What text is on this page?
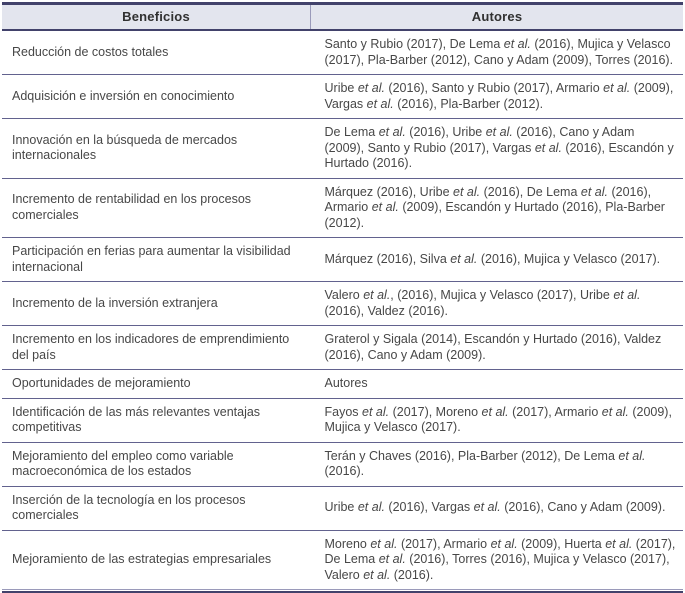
Beneficios	Autores
Reducción de costos totales	Santo y Rubio (2017), De Lema et al. (2016), Mujica y Velasco (2017), Pla-Barber (2012), Cano y Adam (2009), Torres (2016).
Adquisición e inversión en conocimiento	Uribe et al. (2016), Santo y Rubio (2017), Armario et al. (2009), Vargas et al. (2016), Pla-Barber (2012).
Innovación en la búsqueda de mercados internacionales	De Lema et al. (2016), Uribe et al. (2016), Cano y Adam (2009), Santo y Rubio (2017), Vargas et al. (2016), Escandón y Hurtado (2016).
Incremento de rentabilidad en los procesos comerciales	Márquez (2016), Uribe et al. (2016), De Lema et al. (2016), Armario et al. (2009), Escandón y Hurtado (2016), Pla-Barber (2012).
Participación en ferias para aumentar la visibilidad internacional	Márquez (2016), Silva et al. (2016), Mujica y Velasco (2017).
Incremento de la inversión extranjera	Valero et al., (2016), Mujica y Velasco (2017), Uribe et al. (2016), Valdez (2016).
Incremento en los indicadores de emprendimiento del país	Graterol y Sigala (2014), Escandón y Hurtado (2016), Valdez (2016), Cano y Adam (2009).
Oportunidades de mejoramiento	Autores
Identificación de las más relevantes ventajas competitivas	Fayos et al. (2017), Moreno et al. (2017), Armario et al. (2009), Mujica y Velasco (2017).
Mejoramiento del empleo como variable macroeconómica de los estados	Terán y Chaves (2016), Pla-Barber (2012), De Lema et al. (2016).
Inserción de la tecnología en los procesos comerciales	Uribe et al. (2016), Vargas et al. (2016), Cano y Adam (2009).
Mejoramiento de las estrategias empresariales	Moreno et al. (2017), Armario et al. (2009), Huerta et al. (2017), De Lema et al. (2016), Torres (2016), Mujica y Velasco (2017), Valero et al. (2016).
